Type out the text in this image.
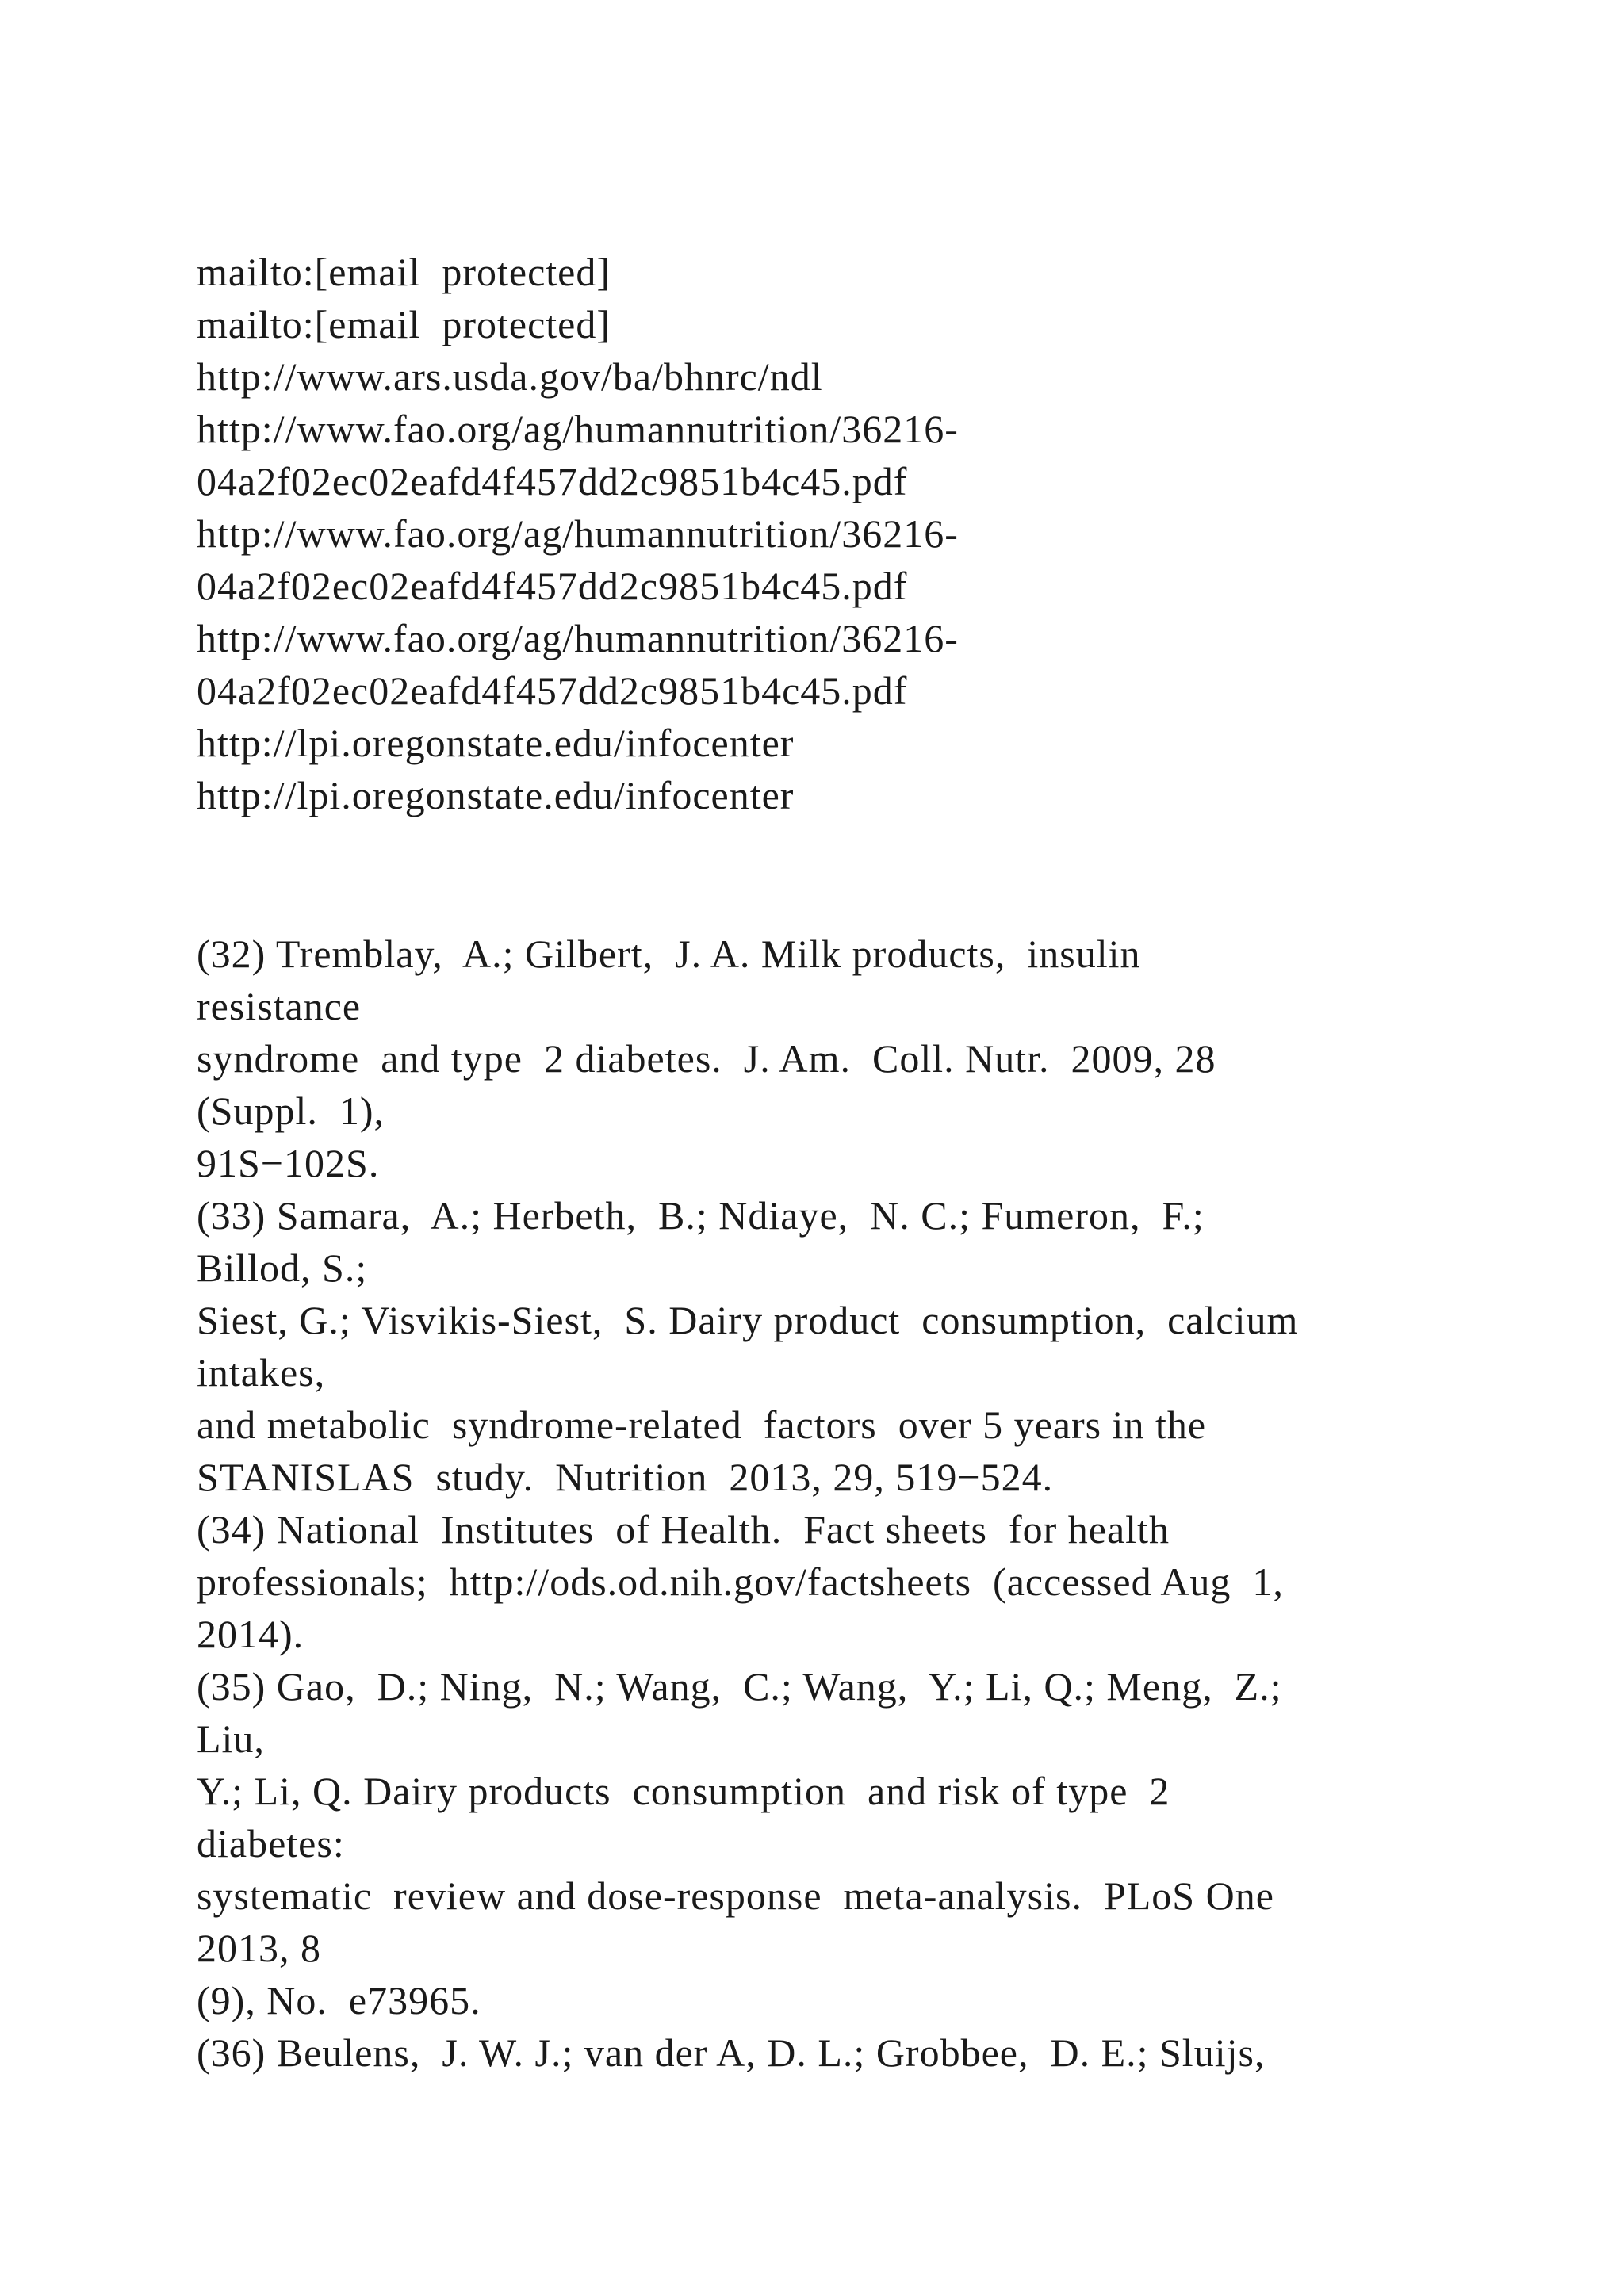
mailto:[email  protected]
mailto:[email  protected]
http://www.ars.usda.gov/ba/bhnrc/ndl
http://www.fao.org/ag/humannutrition/36216-
04a2f02ec02eafd4f457dd2c9851b4c45.pdf
http://www.fao.org/ag/humannutrition/36216-
04a2f02ec02eafd4f457dd2c9851b4c45.pdf
http://www.fao.org/ag/humannutrition/36216-
04a2f02ec02eafd4f457dd2c9851b4c45.pdf
http://lpi.oregonstate.edu/infocenter
http://lpi.oregonstate.edu/infocenter
(32) Tremblay,  A.; Gilbert,  J. A. Milk products,  insulin
resistance
syndrome  and type  2 diabetes.  J. Am.  Coll. Nutr.  2009, 28
(Suppl.  1),
91S−102S.
(33) Samara,  A.; Herbeth,  B.; Ndiaye,  N. C.; Fumeron,  F.;
Billod, S.;
Siest, G.; Visvikis-Siest,  S. Dairy product  consumption,  calcium
intakes,
and metabolic  syndrome-related  factors  over 5 years in the
STANISLAS  study.  Nutrition  2013, 29, 519−524.
(34) National  Institutes  of Health.  Fact sheets  for health
professionals;  http://ods.od.nih.gov/factsheets  (accessed Aug  1,
2014).
(35) Gao,  D.; Ning,  N.; Wang,  C.; Wang,  Y.; Li, Q.; Meng,  Z.;
Liu,
Y.; Li, Q. Dairy products  consumption  and risk of type  2
diabetes:
systematic  review and dose-response  meta-analysis.  PLoS One
2013, 8
(9), No.  e73965.
(36) Beulens,  J. W. J.; van der A, D. L.; Grobbee,  D. E.; Sluijs,
